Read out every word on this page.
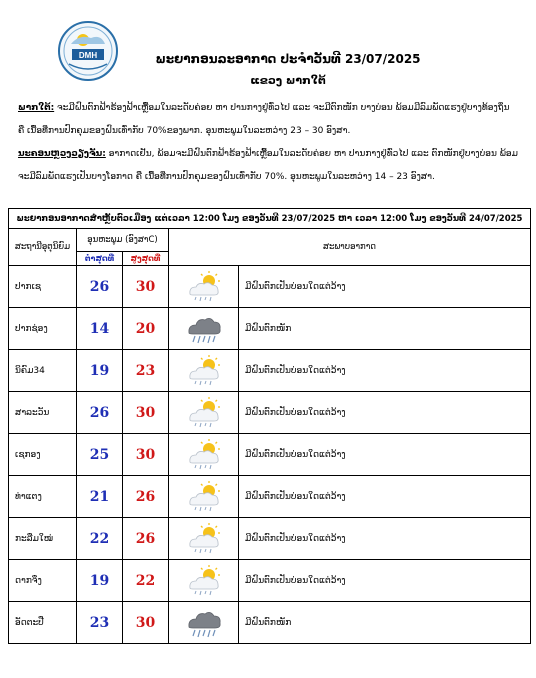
DMH	ພະຍາກອນລະອາກາດ ປະຈຳວັນທີ 23/07/2025
ແຂວງ ພາກໃຕ້
ພາກໃຕ້: ຈະມີຝົນຕົກຟ້າຮ້ອງຟ້າເຫຼື້ອມໃນລະດັບຄ່ອຍ ຫາ ປານກາງຢູ່ທົ່ວໄປ ແລະ ຈະມີຕົກໜັກ ບາງບ່ອນ ພ້ອມມີລົມພັດແຮງຢູ່ບາງທ້ອງຖິ່ນ ຄື ເນື້ອທີ່ການປົກຄຸມຂອງຝົນເທົ່າກັບ 70%ຂອງພາກ. ອຸນຫະພູມໃນລະຫວ່າງ 23 – 30 ອົງສາ.
ນະຄອນຫຼວງວຽງຈັນ: ອາກາດເຢັນ, ພ້ອມຈະມີຝົນຕົກຟ້າຮ້ອງຟ້າເຫຼື້ອມໃນລະດັບຄ່ອຍ ຫາ ປານກາງຢູ່ທົ່ວໄປ ແລະ ຕົກໜັກຢູ່ບາງບ່ອນ ພ້ອມຈະມີລົມພັດແຮງເປັນບາງໂອກາດ ຄື ເນື້ອທີ່ການປົກຄຸມຂອງຝົນເທົ່າກັບ 70%. ອຸນຫະພູມໃນລະຫວ່າງ 14 – 23 ອົງສາ.
ພະຍາກອນອາກາດສຳຫຼັບຕົວເມືອງ ແຕ່ເວລາ 12:00 ໂມງ ຂອງວັນທີ 23/07/2025 ຫາ ເວລາ 12:00 ໂມງ ຂອງວັນທີ 24/07/2025				
ສະຖານີອຸຕຸນິຍົມ	ອຸນຫະພູມ (ອົງສາC)		ສະພາບອາກາດ	
	ຕ່ຳສຸດທີ່	ສູງສຸດທີ່		
ປາກເຊ	26	30		ມີຝົນຕົກເປັນບ່ອນໃດແຕ່ວ້າງ
ປາກຊ່ອງ	14	20		ມີຝົນຕົກໜັກ
ນິຄົມ34	19	23		ມີຝົນຕົກເປັນບ່ອນໃດແຕ່ວ້າງ
ສາລະວັນ	26	30		ມີຝົນຕົກເປັນບ່ອນໃດແຕ່ວ້າງ
ເຊກອງ	25	30		ມີຝົນຕົກເປັນບ່ອນໃດແຕ່ວ້າງ
ທ່າແຕງ	21	26		ມີຝົນຕົກເປັນບ່ອນໃດແຕ່ວ້າງ
ກະລືມໃໝ່	22	26		ມີຝົນຕົກເປັນບ່ອນໃດແຕ່ວ້າງ
ດາກຈຶງ	19	22		ມີຝົນຕົກເປັນບ່ອນໃດແຕ່ວ້າງ
ອັດຕະປື	23	30		ມີຝົນຕົກໜັກ
